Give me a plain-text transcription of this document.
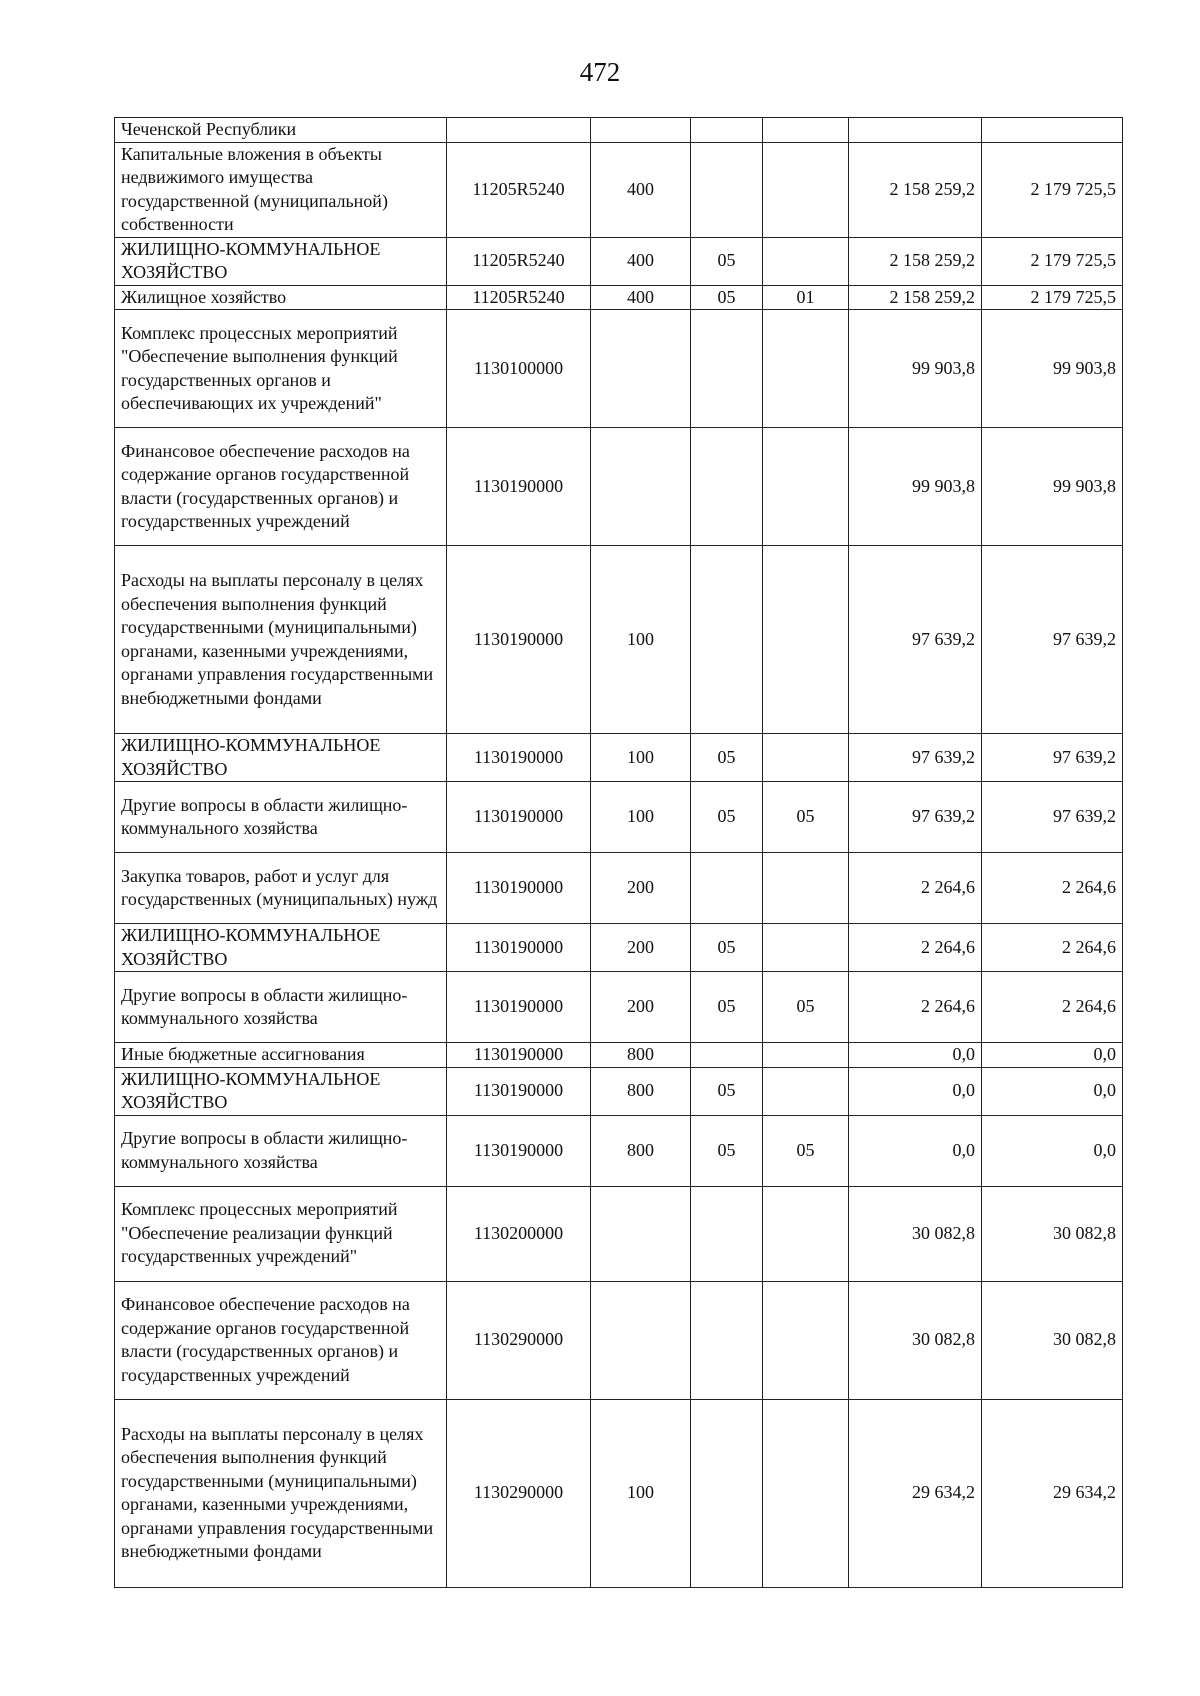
472
Чеченской Республики						
Капитальные вложения в объекты недвижимого имущества государственной (муниципальной) собственности	11205R5240	400			2 158 259,2	2 179 725,5
ЖИЛИЩНО-КОММУНАЛЬНОЕ ХОЗЯЙСТВО	11205R5240	400	05		2 158 259,2	2 179 725,5
Жилищное хозяйство	11205R5240	400	05	01	2 158 259,2	2 179 725,5
Комплекс процессных мероприятий "Обеспечение выполнения функций государственных органов и обеспечивающих их учреждений"	1130100000				99 903,8	99 903,8
Финансовое обеспечение расходов на содержание органов государственной власти (государственных органов) и государственных учреждений	1130190000				99 903,8	99 903,8
Расходы на выплаты персоналу в целях обеспечения выполнения функций государственными (муниципальными) органами, казенными учреждениями, органами управления государственными внебюджетными фондами	1130190000	100			97 639,2	97 639,2
ЖИЛИЩНО-КОММУНАЛЬНОЕ ХОЗЯЙСТВО	1130190000	100	05		97 639,2	97 639,2
Другие вопросы в области жилищно-коммунального хозяйства	1130190000	100	05	05	97 639,2	97 639,2
Закупка товаров, работ и услуг для государственных (муниципальных) нужд	1130190000	200			2 264,6	2 264,6
ЖИЛИЩНО-КОММУНАЛЬНОЕ ХОЗЯЙСТВО	1130190000	200	05		2 264,6	2 264,6
Другие вопросы в области жилищно-коммунального хозяйства	1130190000	200	05	05	2 264,6	2 264,6
Иные бюджетные ассигнования	1130190000	800			0,0	0,0
ЖИЛИЩНО-КОММУНАЛЬНОЕ ХОЗЯЙСТВО	1130190000	800	05		0,0	0,0
Другие вопросы в области жилищно-коммунального хозяйства	1130190000	800	05	05	0,0	0,0
Комплекс процессных мероприятий "Обеспечение реализации функций государственных учреждений"	1130200000				30 082,8	30 082,8
Финансовое обеспечение расходов на содержание органов государственной власти (государственных органов) и государственных учреждений	1130290000				30 082,8	30 082,8
Расходы на выплаты персоналу в целях обеспечения выполнения функций государственными (муниципальными) органами, казенными учреждениями, органами управления государственными внебюджетными фондами	1130290000	100			29 634,2	29 634,2
